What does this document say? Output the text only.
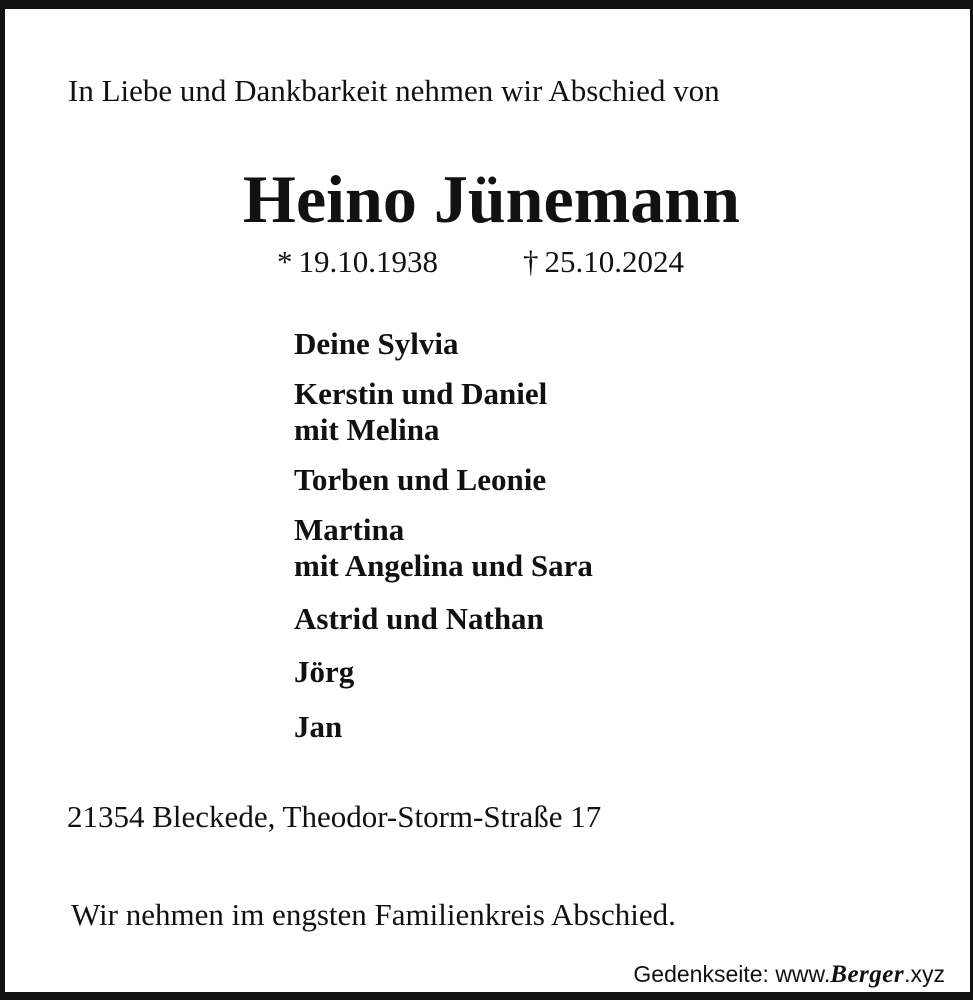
In Liebe und Dankbarkeit nehmen wir Abschied von
Heino Jünemann
* 19.10.1938	† 25.10.2024
Deine Sylvia
Kerstin und Daniel
mit Melina
Torben und Leonie
Martina
mit Angelina und Sara
Astrid und Nathan
Jörg
Jan
21354 Bleckede, Theodor-Storm-Straße 17
Wir nehmen im engsten Familienkreis Abschied.
Gedenkseite: www.Berger.xyz
